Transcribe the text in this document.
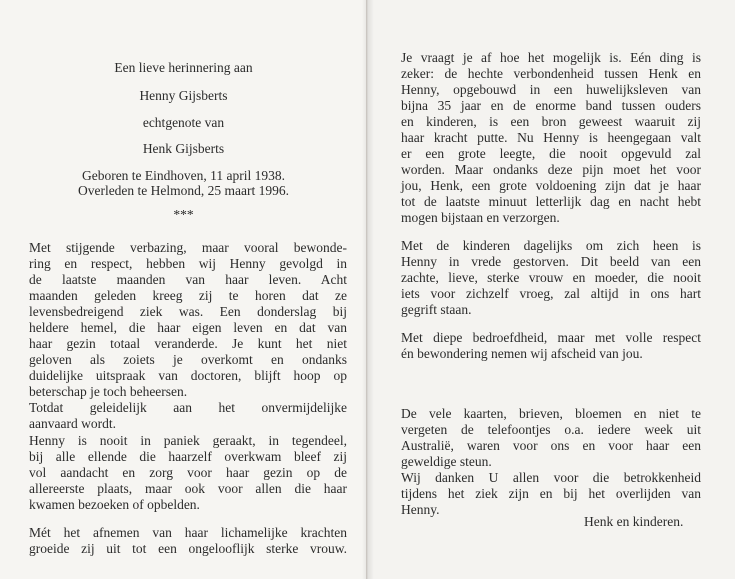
Een lieve herinnering aan
Henny Gijsberts
echtgenote van
Henk Gijsberts
Geboren te Eindhoven, 11 april 1938.
Overleden te Helmond, 25 maart 1996.
***
Met stijgende verbazing, maar vooral bewonde-
ring en respect, hebben wij Henny gevolgd in
de laatste maanden van haar leven. Acht
maanden geleden kreeg zij te horen dat ze
levensbedreigend ziek was. Een donderslag bij
heldere hemel, die haar eigen leven en dat van
haar gezin totaal veranderde. Je kunt het niet
geloven als zoiets je overkomt en ondanks
duidelijke uitspraak van doctoren, blijft hoop op
beterschap je toch beheersen.
Totdat geleidelijk aan het onvermijdelijke
aanvaard wordt.
Henny is nooit in paniek geraakt, in tegendeel,
bij alle ellende die haarzelf overkwam bleef zij
vol aandacht en zorg voor haar gezin op de
allereerste plaats, maar ook voor allen die haar
kwamen bezoeken of opbelden.
Mét het afnemen van haar lichamelijke krachten
groeide zij uit tot een ongelooflijk sterke vrouw.
Je vraagt je af hoe het mogelijk is. Eén ding is
zeker: de hechte verbondenheid tussen Henk en
Henny, opgebouwd in een huwelijksleven van
bijna 35 jaar en de enorme band tussen ouders
en kinderen, is een bron geweest waaruit zij
haar kracht putte. Nu Henny is heengegaan valt
er een grote leegte, die nooit opgevuld zal
worden. Maar ondanks deze pijn moet het voor
jou, Henk, een grote voldoening zijn dat je haar
tot de laatste minuut letterlijk dag en nacht hebt
mogen bijstaan en verzorgen.
Met de kinderen dagelijks om zich heen is
Henny in vrede gestorven. Dit beeld van een
zachte, lieve, sterke vrouw en moeder, die nooit
iets voor zichzelf vroeg, zal altijd in ons hart
gegrift staan.
Met diepe bedroefdheid, maar met volle respect
én bewondering nemen wij afscheid van jou.
De vele kaarten, brieven, bloemen en niet te
vergeten de telefoontjes o.a. iedere week uit
Australië, waren voor ons en voor haar een
geweldige steun.
Wij danken U allen voor die betrokkenheid
tijdens het ziek zijn en bij het overlijden van
Henny.
Henk en kinderen.
